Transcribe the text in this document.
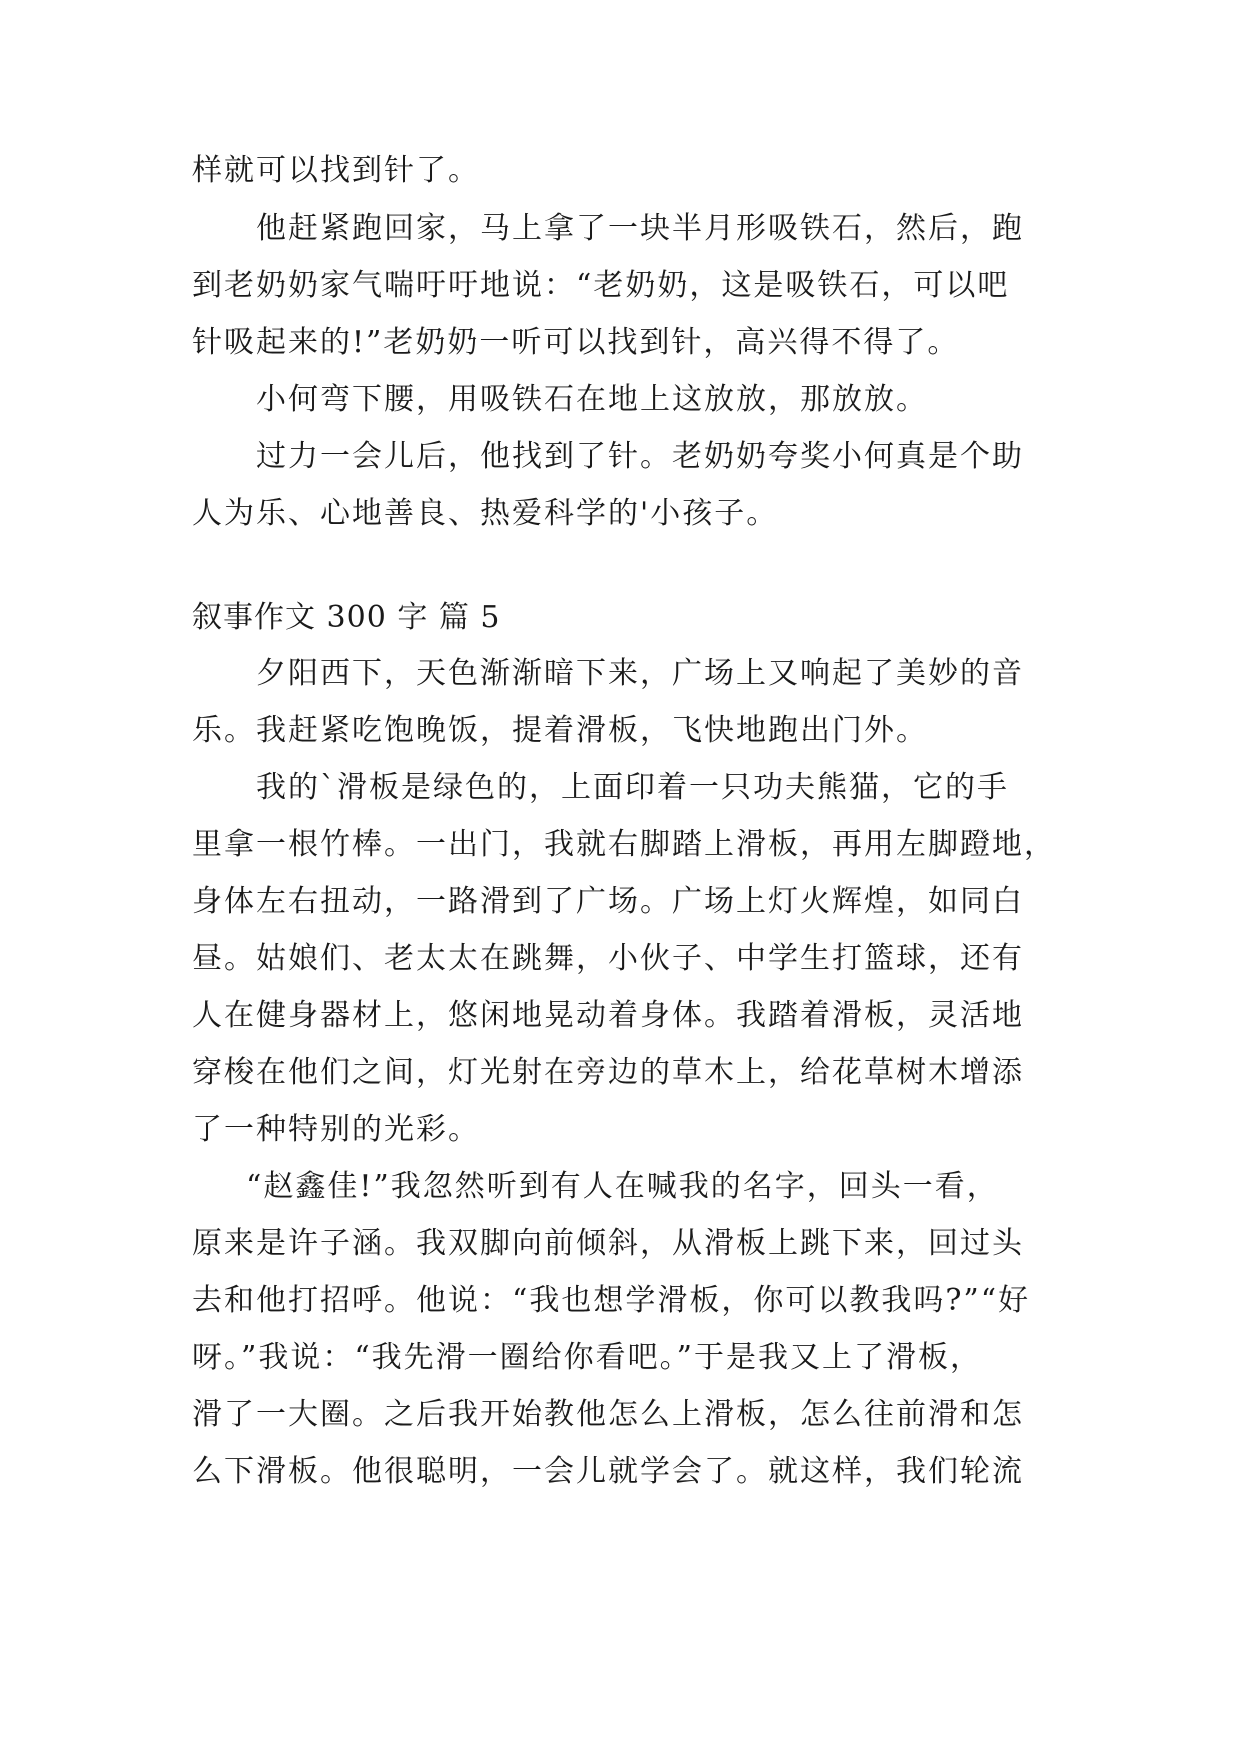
样就可以找到针了。
他赶紧跑回家，马上拿了一块半月形吸铁石，然后，跑
到老奶奶家气喘吁吁地说：“老奶奶，这是吸铁石，可以吧
针吸起来的!”老奶奶一听可以找到针，高兴得不得了。
小何弯下腰，用吸铁石在地上这放放，那放放。
过力一会儿后，他找到了针。老奶奶夸奖小何真是个助
人为乐、心地善良、热爱科学的'小孩子。
叙事作文 300 字 篇 5
夕阳西下，天色渐渐暗下来，广场上又响起了美妙的音
乐。我赶紧吃饱晚饭，提着滑板，飞快地跑出门外。
我的`滑板是绿色的，上面印着一只功夫熊猫，它的手
里拿一根竹棒。一出门，我就右脚踏上滑板，再用左脚蹬地，
身体左右扭动，一路滑到了广场。广场上灯火辉煌，如同白
昼。姑娘们、老太太在跳舞，小伙子、中学生打篮球，还有
人在健身器材上，悠闲地晃动着身体。我踏着滑板，灵活地
穿梭在他们之间，灯光射在旁边的草木上，给花草树木增添
了一种特别的光彩。
“赵鑫佳!”我忽然听到有人在喊我的名字，回头一看，
原来是许子涵。我双脚向前倾斜，从滑板上跳下来，回过头
去和他打招呼。他说：“我也想学滑板，你可以教我吗?”“好
呀。”我说：“我先滑一圈给你看吧。”于是我又上了滑板，
滑了一大圈。之后我开始教他怎么上滑板，怎么往前滑和怎
么下滑板。他很聪明，一会儿就学会了。就这样，我们轮流
